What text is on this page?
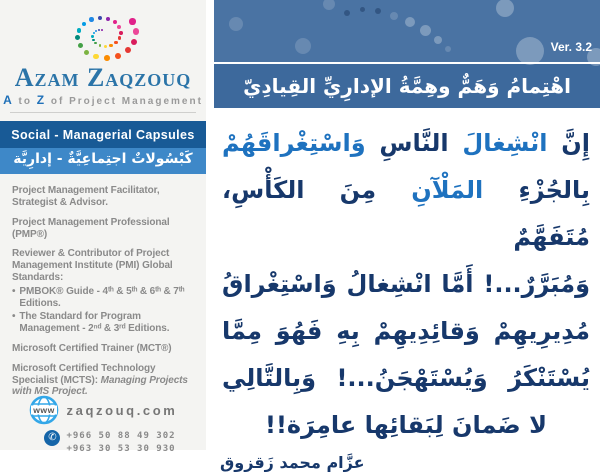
Azam Zaqzouq
A to Z of Project Management
Social - Managerial Capsules
كَبْسُولاتٌ اجتِماعِيَّةٌ - إدارِيَّة

Project Management Facilitator, Strategist & Advisor.

Project Management Professional (PMP®)

Reviewer & Contributor of Project Management Institute (PMI) Global Standards:

• PMBOK® Guide - 4ᵗʰ & 5ᵗʰ & 6ᵗʰ & 7ᵗʰ Editions.
• The Standard for Program Management - 2ⁿᵈ & 3ʳᵈ Editions.

Microsoft Certified Trainer (MCT®)

Microsoft Certified Technology Specialist (MCTS): Managing Projects with MS Project.

www zaqzouq.com
✆	+966 50 88 49 302
+963 30 53 30 930
Ver. 3.2
اهْتِمامُ وَهَمٌّ وهِمَّةُ الإدارِيِّ القِيادِيّ
إِنَّ انْشِغالَ النَّاسِ وَاسْتِغْراقَهُمْ
بِالجُزْءِ المَلْآنِ مِنَ الكَأْسِ، مُتَفَهَّمٌ
وَمُبَرَّرٌ...! أَمَّا انْشِغالُ وَاسْتِغْراقُ
مُدِيرِيهِمْ وَقائِدِيهِمْ بِهِ فَهُوَ مِمَّا
يُسْتَنْكَرُ وَيُسْتَهْجَنُ...! وَبِالتَّالِي
لا ضَمانَ لِبَقائِها عامِرَة!!
عزَّام محمد زَقزوق
